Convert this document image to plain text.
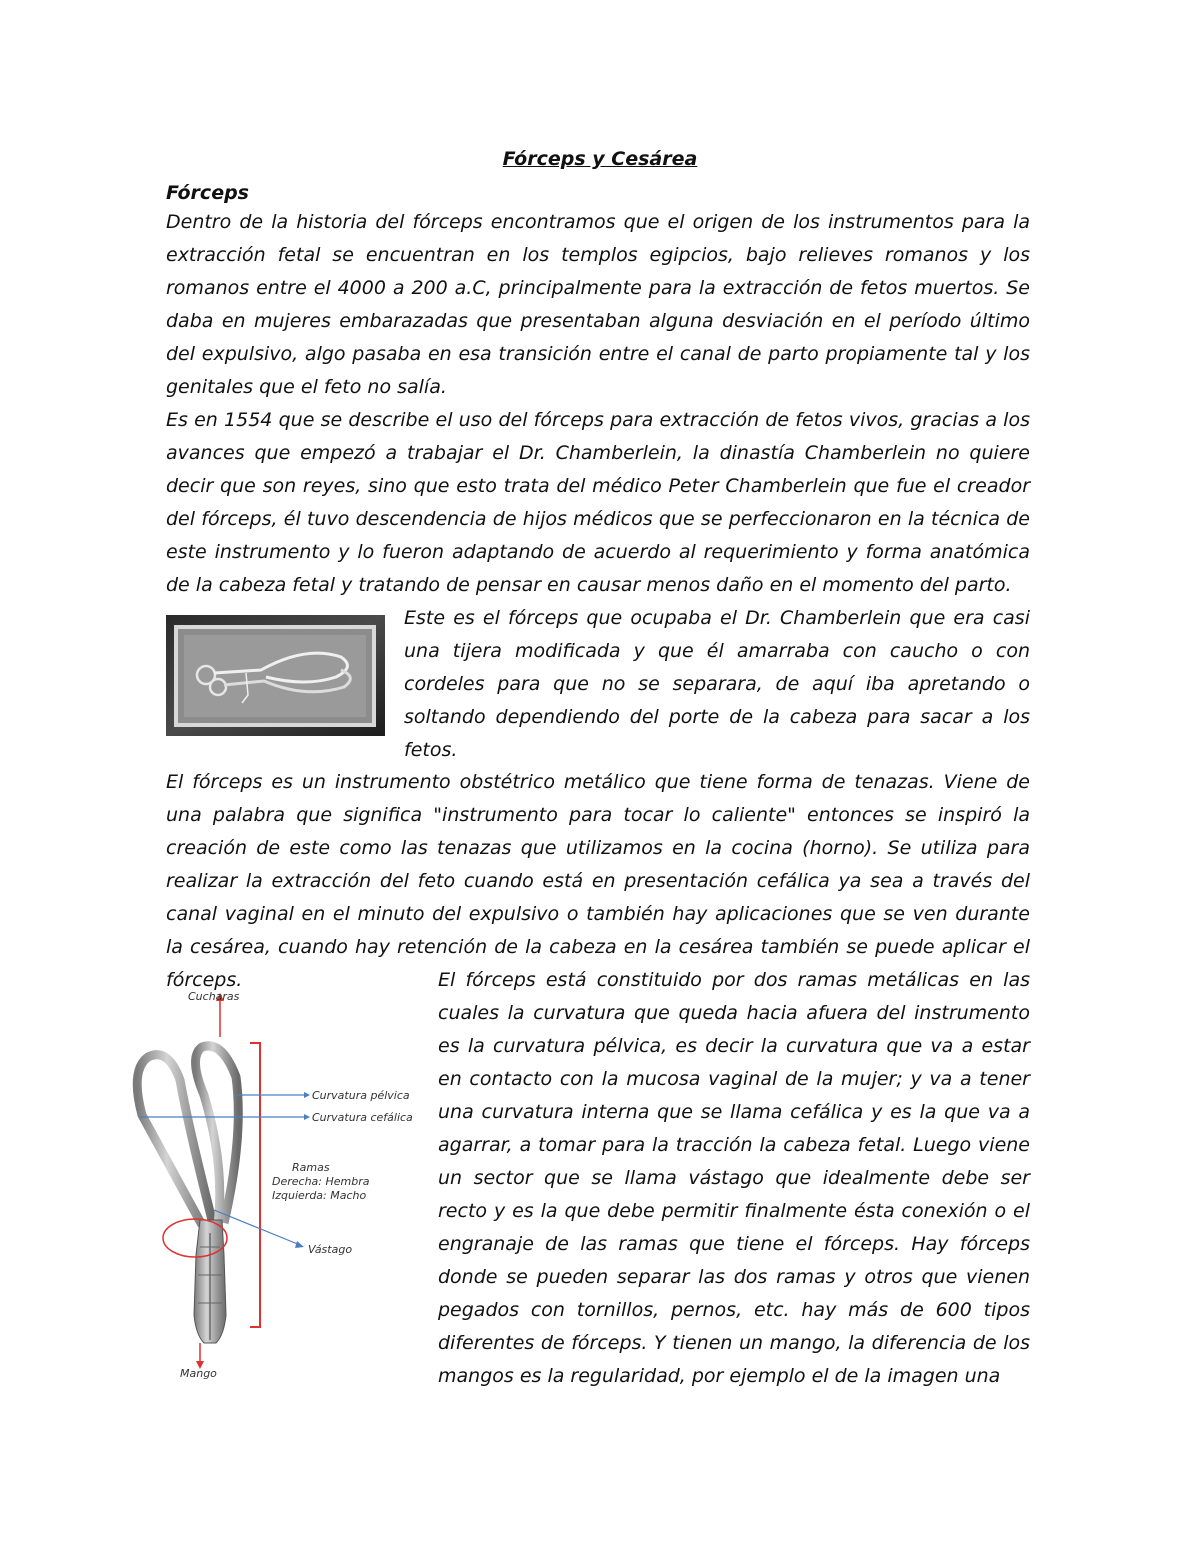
Fórceps y Cesárea
Fórceps

Dentro de la historia del fórceps encontramos que el origen de los instrumentos para la extracción fetal se encuentran en los templos egipcios, bajo relieves romanos y los romanos entre el 4000 a 200 a.C, principalmente para la extracción de fetos muertos. Se daba en mujeres embarazadas que presentaban alguna desviación en el período último del expulsivo, algo pasaba en esa transición entre el canal de parto propiamente tal y los genitales que el feto no salía.

Es en 1554 que se describe el uso del fórceps para extracción de fetos vivos, gracias a los avances que empezó a trabajar el Dr. Chamberlein, la dinastía Chamberlein no quiere decir que son reyes, sino que esto trata del médico Peter Chamberlein que fue el creador del fórceps, él tuvo descendencia de hijos médicos que se perfeccionaron en la técnica de este instrumento y lo fueron adaptando de acuerdo al requerimiento y forma anatómica de la cabeza fetal y tratando de pensar en causar menos daño en el momento del parto.

Este es el fórceps que ocupaba el Dr. Chamberlein que era casi una tijera modificada y que él amarraba con caucho o con cordeles para que no se separara, de aquí iba apretando o soltando dependiendo del porte de la cabeza para sacar a los fetos.

El fórceps es un instrumento obstétrico metálico que tiene forma de tenazas. Viene de una palabra que significa "instrumento para tocar lo caliente" entonces se inspiró la creación de este como las tenazas que utilizamos en la cocina (horno). Se utiliza para realizar la extracción del feto cuando está en presentación cefálica ya sea a través del canal vaginal en el minuto del expulsivo o también hay aplicaciones que se ven durante la cesárea, cuando hay retención de la cabeza en la cesárea también se puede aplicar el fórceps.

Cucharas
Mango
Curvatura pélvica
Curvatura cefálica
Vástago
Ramas
Derecha: Hembra
Izquierda: Macho

El fórceps está constituido por dos ramas metálicas en las cuales la curvatura que queda hacia afuera del instrumento es la curvatura pélvica, es decir la curvatura que va a estar en contacto con la mucosa vaginal de la mujer; y va a tener una curvatura interna que se llama cefálica y es la que va a agarrar, a tomar para la tracción la cabeza fetal. Luego viene un sector que se llama vástago que idealmente debe ser recto y es la que debe permitir finalmente ésta conexión o el engranaje de las ramas que tiene el fórceps. Hay fórceps donde se pueden separar las dos ramas y otros que vienen pegados con tornillos, pernos, etc. hay más de 600 tipos diferentes de fórceps. Y tienen un mango, la diferencia de los mangos es la regularidad, por ejemplo el de la imagen una
